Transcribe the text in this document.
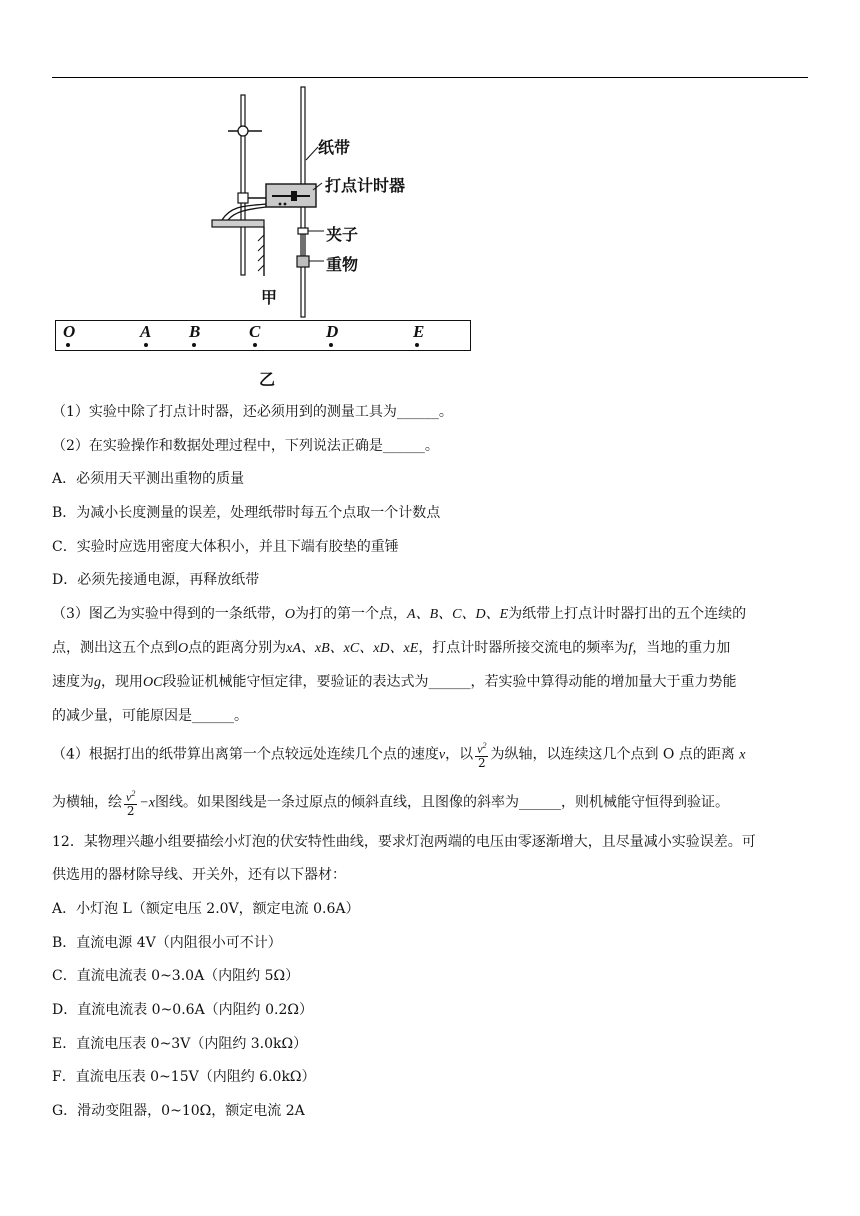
纸带
打点计时器
夹子
重物
甲
O	A B	C	D	E
乙
（1）实验中除了打点计时器，还必须用到的测量工具为______。
（2）在实验操作和数据处理过程中，下列说法正确是______。
A．必须用天平测出重物的质量
B．为减小长度测量的误差，处理纸带时每五个点取一个计数点
C．实验时应选用密度大体积小，并且下端有胶垫的重锤
D．必须先接通电源，再释放纸带
（3）图乙为实验中得到的一条纸带，O为打的第一个点，A、B、C、D、E为纸带上打点计时器打出的五个连续的
点，测出这五个点到O点的距离分别为xA、xB、xC、xD、xE，打点计时器所接交流电的频率为f，当地的重力加
速度为g，现用OC段验证机械能守恒定律，要验证的表达式为______，若实验中算得动能的增加量大于重力势能
的减少量，可能原因是______。
（4）根据打出的纸带算出离第一个点较远处连续几个点的速度v，以 $\frac{v^2}{2}$ 为纵轴，以连续这几个点到 O 点的距离 x
为横轴，绘 $\frac{v^2}{2} -x$图线。如果图线是一条过原点的倾斜直线，且图像的斜率为______，则机械能守恒得到验证。
12．某物理兴趣小组要描绘小灯泡的伏安特性曲线，要求灯泡两端的电压由零逐渐增大，且尽量减小实验误差。可
供选用的器材除导线、开关外，还有以下器材：
A．小灯泡 L（额定电压 2.0V，额定电流 0.6A）
B．直流电源 4V（内阻很小可不计）
C．直流电流表 0~3.0A（内阻约 5Ω）
D．直流电流表 0~0.6A（内阻约 0.2Ω）
E．直流电压表 0~3V（内阻约 3.0kΩ）
F．直流电压表 0~15V（内阻约 6.0kΩ）
G．滑动变阻器，0~10Ω，额定电流 2A
